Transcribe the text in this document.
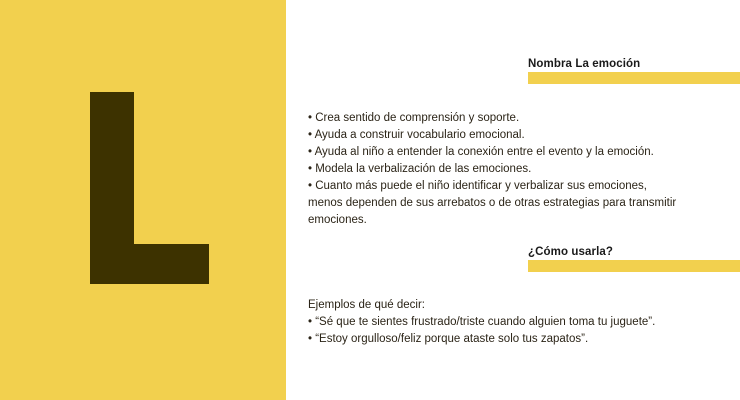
Nombra La emoción
• Crea sentido de comprensión y soporte.
• Ayuda a construir vocabulario emocional.
• Ayuda al niño a entender la conexión entre el evento y la emoción.
• Modela la verbalización de las emociones.
• Cuanto más puede el niño identificar y verbalizar sus emociones,
menos dependen de sus arrebatos o de otras estrategias para transmitir
emociones.
¿Cómo usarla?
Ejemplos de qué decir:
• “Sé que te sientes frustrado/triste cuando alguien toma tu juguete”.
• “Estoy orgulloso/feliz porque ataste solo tus zapatos”.
